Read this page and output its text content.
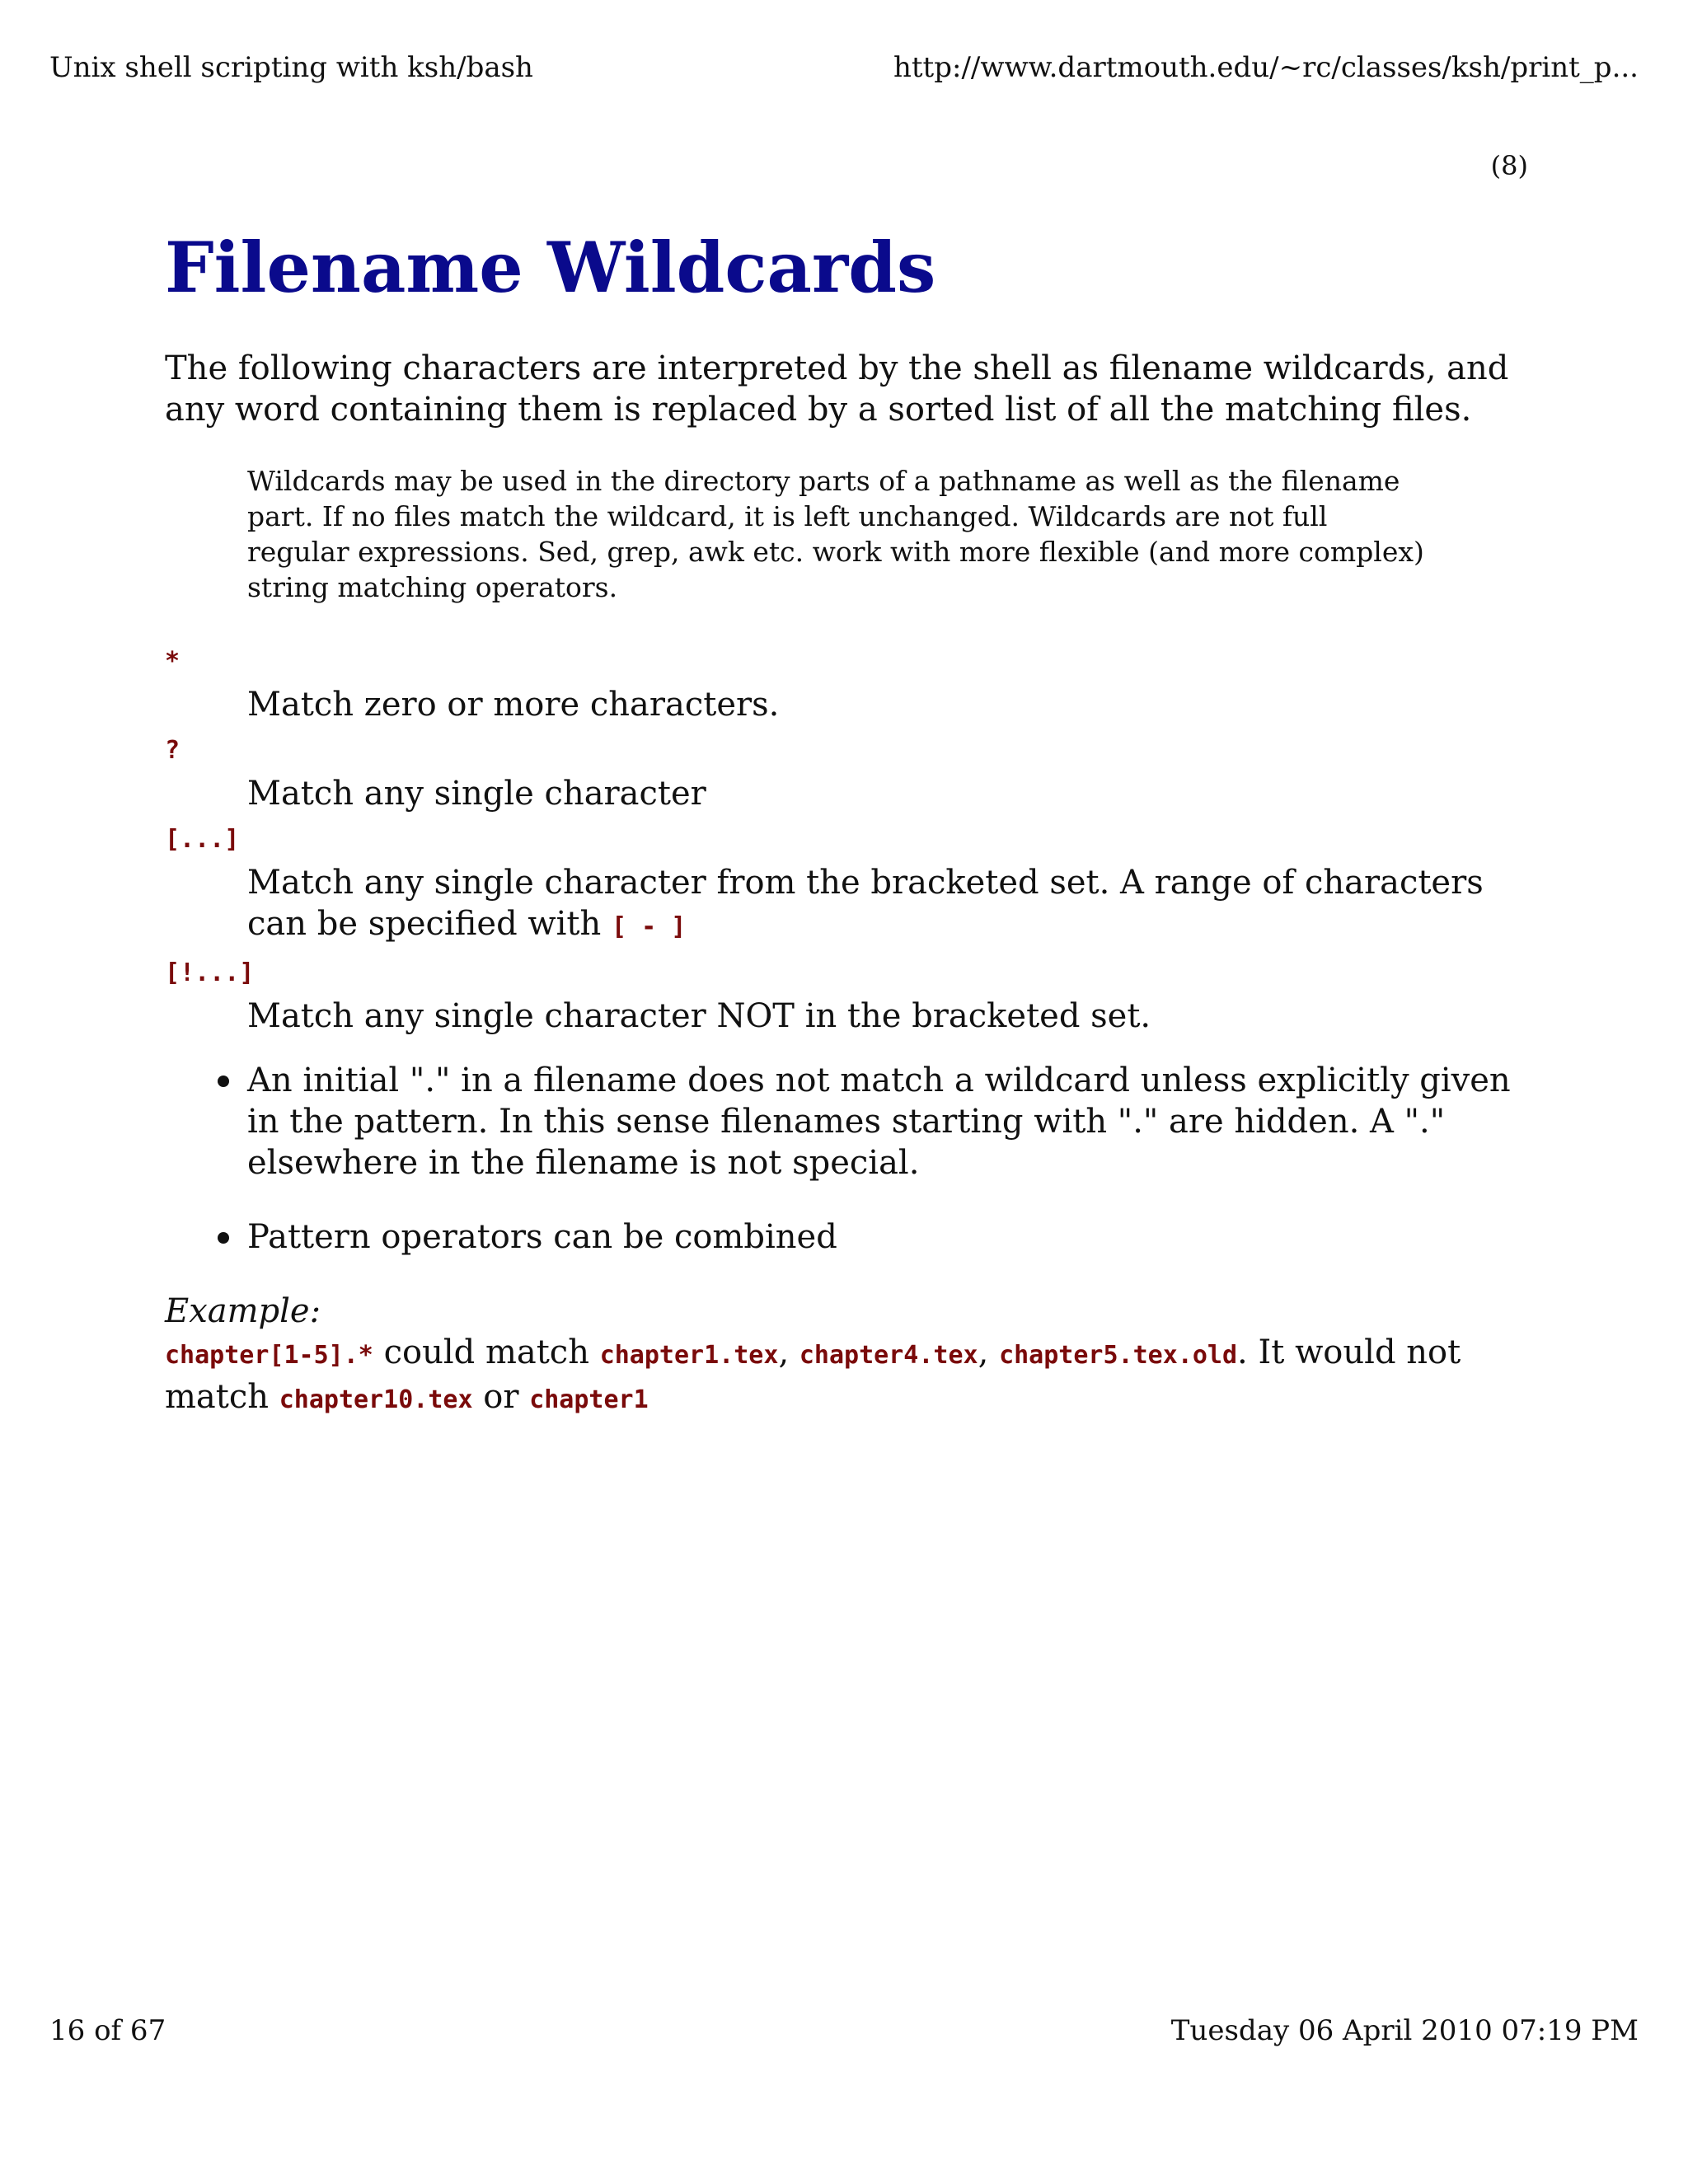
Unix shell scripting with ksh/bash	http://www.dartmouth.edu/~rc/classes/ksh/print_p...
(8)
Filename Wildcards

The following characters are interpreted by the shell as filename wildcards, and any word containing them is replaced by a sorted list of all the matching files.

Wildcards may be used in the directory parts of a pathname as well as the filename part. If no files match the wildcard, it is left unchanged. Wildcards are not full regular expressions. Sed, grep, awk etc. work with more flexible (and more complex) string matching operators.
*
Match zero or more characters.
?
Match any single character
[...]
Match any single character from the bracketed set. A range of characters can be specified with [ - ]
[!...]
Match any single character NOT in the bracketed set.
An initial "." in a filename does not match a wildcard unless explicitly given in the pattern. In this sense filenames starting with "." are hidden. A "." elsewhere in the filename is not special.
Pattern operators can be combined
Example:
chapter[1-5].* could match chapter1.tex, chapter4.tex, chapter5.tex.old. It would not match chapter10.tex or chapter1
16 of 67	Tuesday 06 April 2010 07:19 PM
